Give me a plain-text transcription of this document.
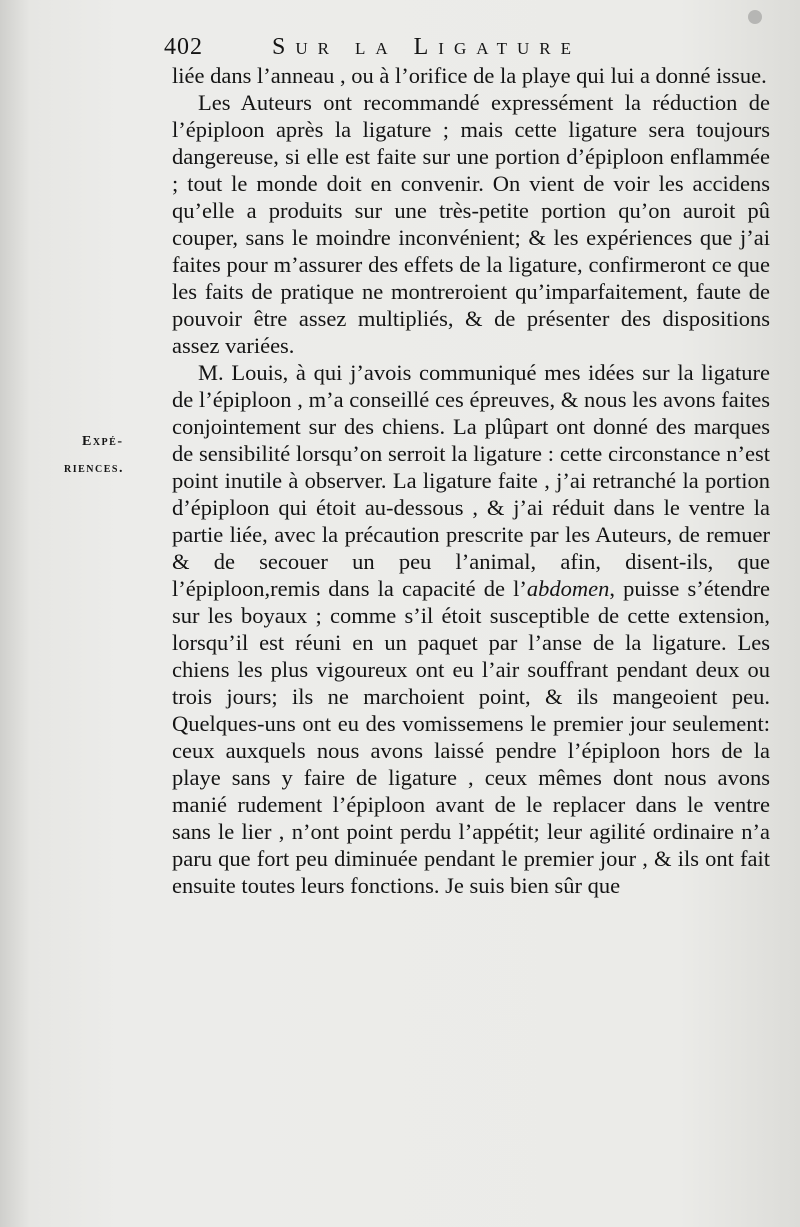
402	Sur la Ligature
Expé-
riences.

liée dans l’anneau , ou à l’orifice de la playe qui lui a donné issue.

Les Auteurs ont recommandé expressément la réduction de l’épiploon après la ligature ; mais cette ligature sera toujours dangereuse, si elle est faite sur une portion d’épiploon enflammée ; tout le monde doit en convenir. On vient de voir les accidens qu’elle a produits sur une très-petite portion qu’on auroit pû couper, sans le moindre inconvénient; & les expériences que j’ai faites pour m’assurer des effets de la ligature, confirmeront ce que les faits de pratique ne montreroient qu’imparfaitement, faute de pouvoir être assez multipliés, & de présenter des dispositions assez variées.

M. Louis, à qui j’avois communiqué mes idées sur la ligature de l’épiploon , m’a conseillé ces épreuves, & nous les avons faites conjointement sur des chiens. La plûpart ont donné des marques de sensibilité lorsqu’on serroit la ligature : cette circonstance n’est point inutile à observer. La ligature faite , j’ai retranché la portion d’épiploon qui étoit au-dessous , & j’ai réduit dans le ventre la partie liée, avec la précaution prescrite par les Auteurs, de remuer & de secouer un peu l’animal, afin, disent-ils, que l’épiploon,remis dans la capacité de l’abdomen, puisse s’étendre sur les boyaux ; comme s’il étoit susceptible de cette extension, lorsqu’il est réuni en un paquet par l’anse de la ligature. Les chiens les plus vigoureux ont eu l’air souffrant pendant deux ou trois jours; ils ne marchoient point, & ils mangeoient peu. Quelques-uns ont eu des vomissemens le premier jour seulement: ceux auxquels nous avons laissé pendre l’épiploon hors de la playe sans y faire de ligature , ceux mêmes dont nous avons manié rudement l’épiploon avant de le replacer dans le ventre sans le lier , n’ont point perdu l’appétit; leur agilité ordinaire n’a paru que fort peu diminuée pendant le premier jour , & ils ont fait ensuite toutes leurs fonctions. Je suis bien sûr que
